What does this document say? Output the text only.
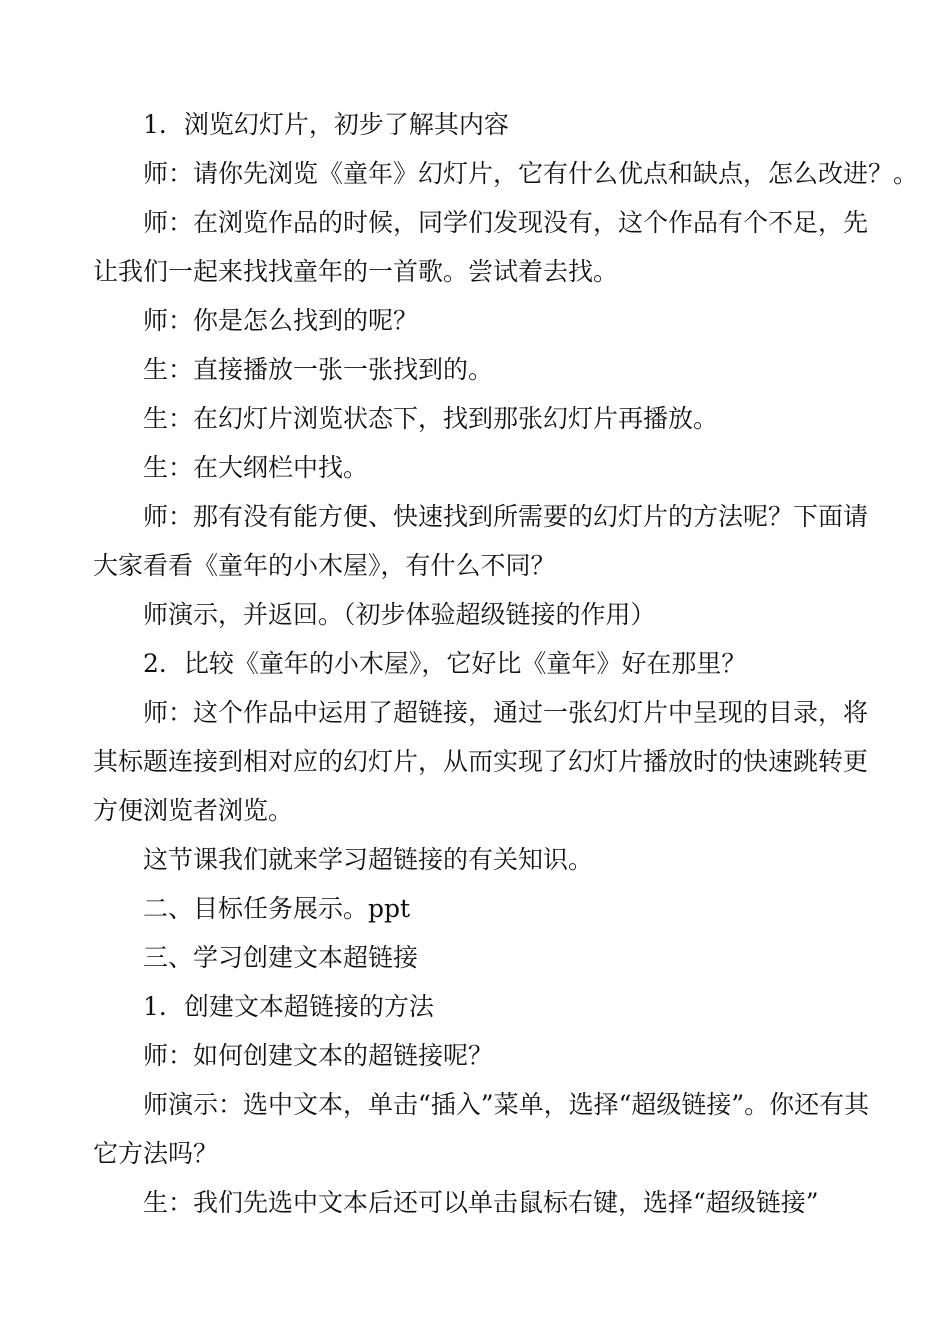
1．浏览幻灯片，初步了解其内容

师：请你先浏览《童年》幻灯片，它有什么优点和缺点，怎么改进？。

师：在浏览作品的时候，同学们发现没有，这个作品有个不足，先让我们一起来找找童年的一首歌。尝试着去找。

师：你是怎么找到的呢？

生：直接播放一张一张找到的。

生：在幻灯片浏览状态下，找到那张幻灯片再播放。

生：在大纲栏中找。

师：那有没有能方便、快速找到所需要的幻灯片的方法呢？下面请大家看看《童年的小木屋》，有什么不同？

师演示，并返回。（初步体验超级链接的作用）

2．比较《童年的小木屋》，它好比《童年》好在那里？

师：这个作品中运用了超链接，通过一张幻灯片中呈现的目录，将其标题连接到相对应的幻灯片，从而实现了幻灯片播放时的快速跳转更方便浏览者浏览。

这节课我们就来学习超链接的有关知识。

二、目标任务展示。ppt

三、学习创建文本超链接

1．创建文本超链接的方法

师：如何创建文本的超链接呢？

师演示：选中文本，单击“插入”菜单，选择“超级链接”。你还有其它方法吗？

生：我们先选中文本后还可以单击鼠标右键，选择“超级链接”
